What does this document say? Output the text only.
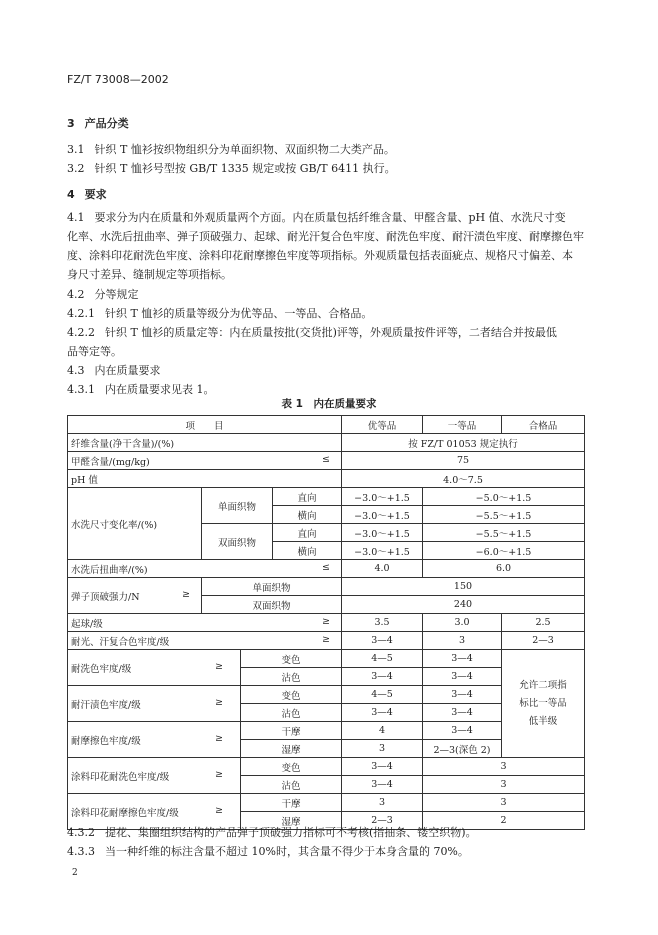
FZ/T 73008—2002
3 产品分类
3.1 针织 T 恤衫按织物组织分为单面织物、双面织物二大类产品。
3.2 针织 T 恤衫号型按 GB/T 1335 规定或按 GB/T 6411 执行。
4 要求
4.1 要求分为内在质量和外观质量两个方面。内在质量包括纤维含量、甲醛含量、pH 值、水洗尺寸变
化率、水洗后扭曲率、弹子顶破强力、起球、耐光汗复合色牢度、耐洗色牢度、耐汗渍色牢度、耐摩擦色牢
度、涂料印花耐洗色牢度、涂料印花耐摩擦色牢度等项指标。外观质量包括表面疵点、规格尺寸偏差、本
身尺寸差异、缝制规定等项指标。
4.2 分等规定
4.2.1 针织 T 恤衫的质量等级分为优等品、一等品、合格品。
4.2.2 针织 T 恤衫的质量定等：内在质量按批(交货批)评等，外观质量按件评等，二者结合并按最低
品等定等。
4.3 内在质量要求
4.3.1 内在质量要求见表 1。
表 1　内在质量要求
项　　目				优等品	一等品	合格品
纤维含量(净干含量)/(%)				按 FZ/T 01053 规定执行		
甲醛含量/(mg/kg) ≤				75		
pH 值				4.0～7.5		
水洗尺寸变化率/(%)	单面织物		直向	−3.0～+1.5	−5.0～+1.5	
			横向	−3.0～+1.5	−5.5～+1.5	
	双面织物		直向	−3.0～+1.5	−5.5～+1.5	
			横向	−3.0～+1.5	−6.0～+1.5	
水洗后扭曲率/(%) ≤				4.0	6.0	
弹子顶破强力/N ≥	单面织物			150		
	双面织物			240		
起球/级 ≥				3.5	3.0	2.5
耐光、汗复合色牢度/级 ≥				3—4	3	2—3
耐洗色牢度/级 ≥		变色		4—5	3—4	允许二项指
标比一等品
低半级
		沾色		3—4	3—4	
耐汗渍色牢度/级 ≥		变色		4—5	3—4	
		沾色		3—4	3—4	
耐摩擦色牢度/级 ≥		干摩		4	3—4	
		湿摩		3	2—3(深色 2)	
涂料印花耐洗色牢度/级 ≥		变色		3—4	3	
		沾色		3—4	3	
涂料印花耐摩擦色牢度/级 ≥		干摩		3	3	
		湿摩		2—3	2	
4.3.2 提花、集圈组织结构的产品弹子顶破强力指标可不考核(指抽条、镂空织物)。
4.3.3 当一种纤维的标注含量不超过 10%时，其含量不得少于本身含量的 70%。
2
